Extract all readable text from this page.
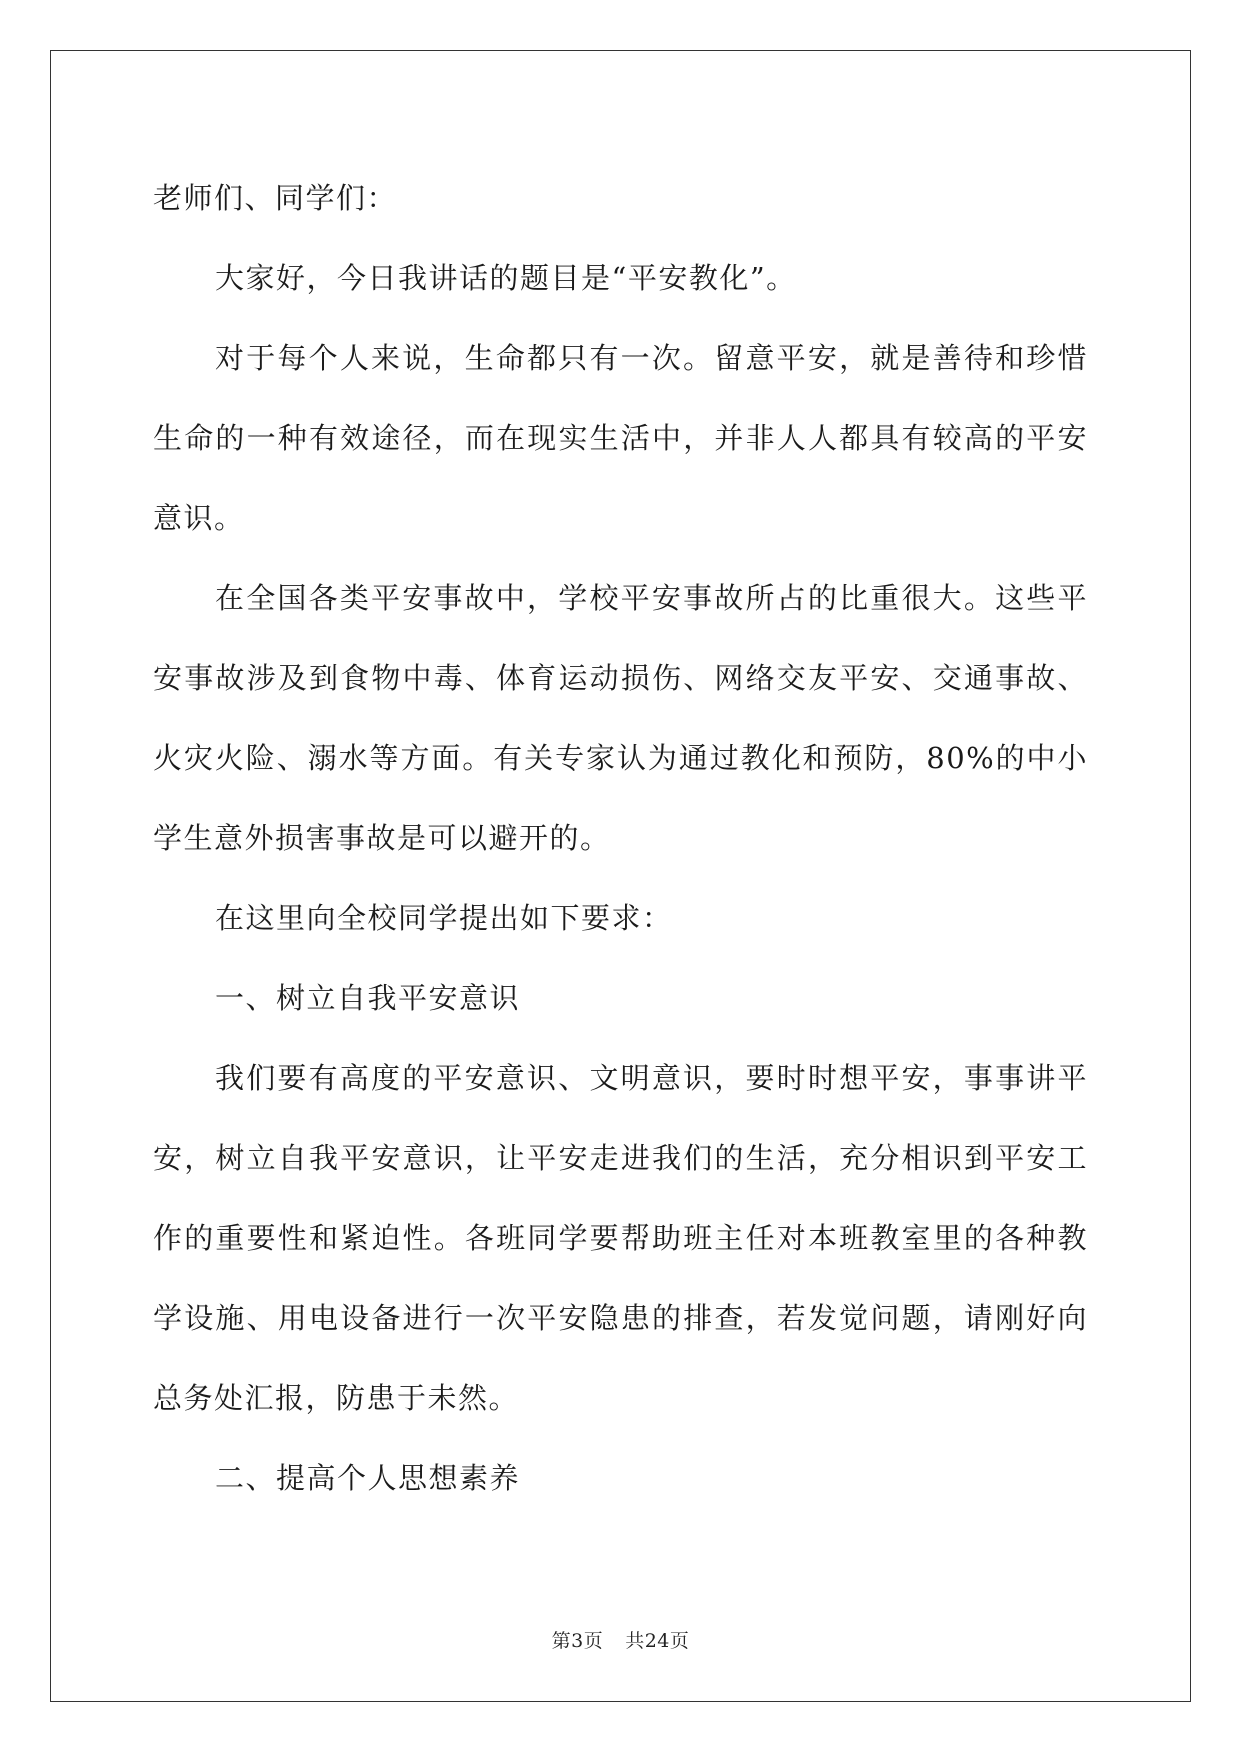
老师们、同学们：

大家好，今日我讲话的题目是“平安教化”。

对于每个人来说，生命都只有一次。留意平安，就是善待和珍惜生命的一种有效途径，而在现实生活中，并非人人都具有较高的平安意识。

在全国各类平安事故中，学校平安事故所占的比重很大。这些平安事故涉及到食物中毒、体育运动损伤、网络交友平安、交通事故、火灾火险、溺水等方面。有关专家认为通过教化和预防，80%的中小学生意外损害事故是可以避开的。

在这里向全校同学提出如下要求：

一、树立自我平安意识

我们要有高度的平安意识、文明意识，要时时想平安，事事讲平安，树立自我平安意识，让平安走进我们的生活，充分相识到平安工作的重要性和紧迫性。各班同学要帮助班主任对本班教室里的各种教学设施、用电设备进行一次平安隐患的排查，若发觉问题，请刚好向总务处汇报，防患于未然。

二、提高个人思想素养

第3页 共24页
